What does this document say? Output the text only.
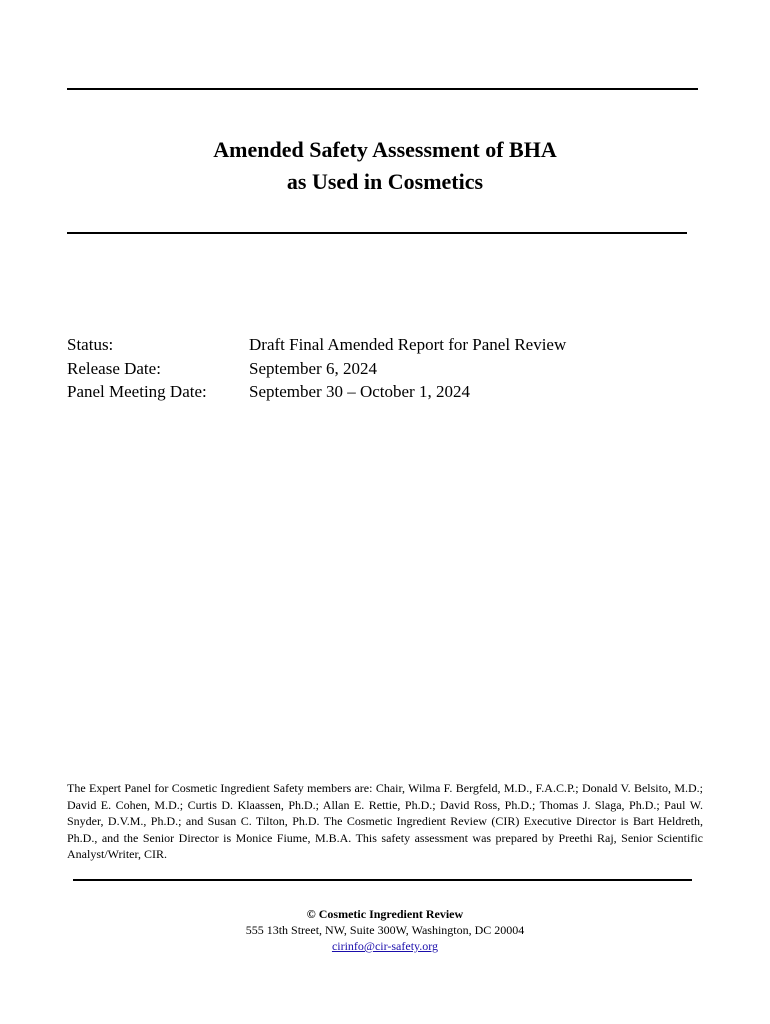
Amended Safety Assessment of BHA
as Used in Cosmetics
Status:	Draft Final Amended Report for Panel Review
Release Date:	September 6, 2024
Panel Meeting Date:	September 30 – October 1, 2024
The Expert Panel for Cosmetic Ingredient Safety members are: Chair, Wilma F. Bergfeld, M.D., F.A.C.P.; Donald V. Belsito, M.D.; David E. Cohen, M.D.; Curtis D. Klaassen, Ph.D.; Allan E. Rettie, Ph.D.; David Ross, Ph.D.; Thomas J. Slaga, Ph.D.; Paul W. Snyder, D.V.M., Ph.D.; and Susan C. Tilton, Ph.D. The Cosmetic Ingredient Review (CIR) Executive Director is Bart Heldreth, Ph.D., and the Senior Director is Monice Fiume, M.B.A. This safety assessment was prepared by Preethi Raj, Senior Scientific Analyst/Writer, CIR.
© Cosmetic Ingredient Review
555 13th Street, NW, Suite 300W, Washington, DC 20004
cirinfo@cir-safety.org
